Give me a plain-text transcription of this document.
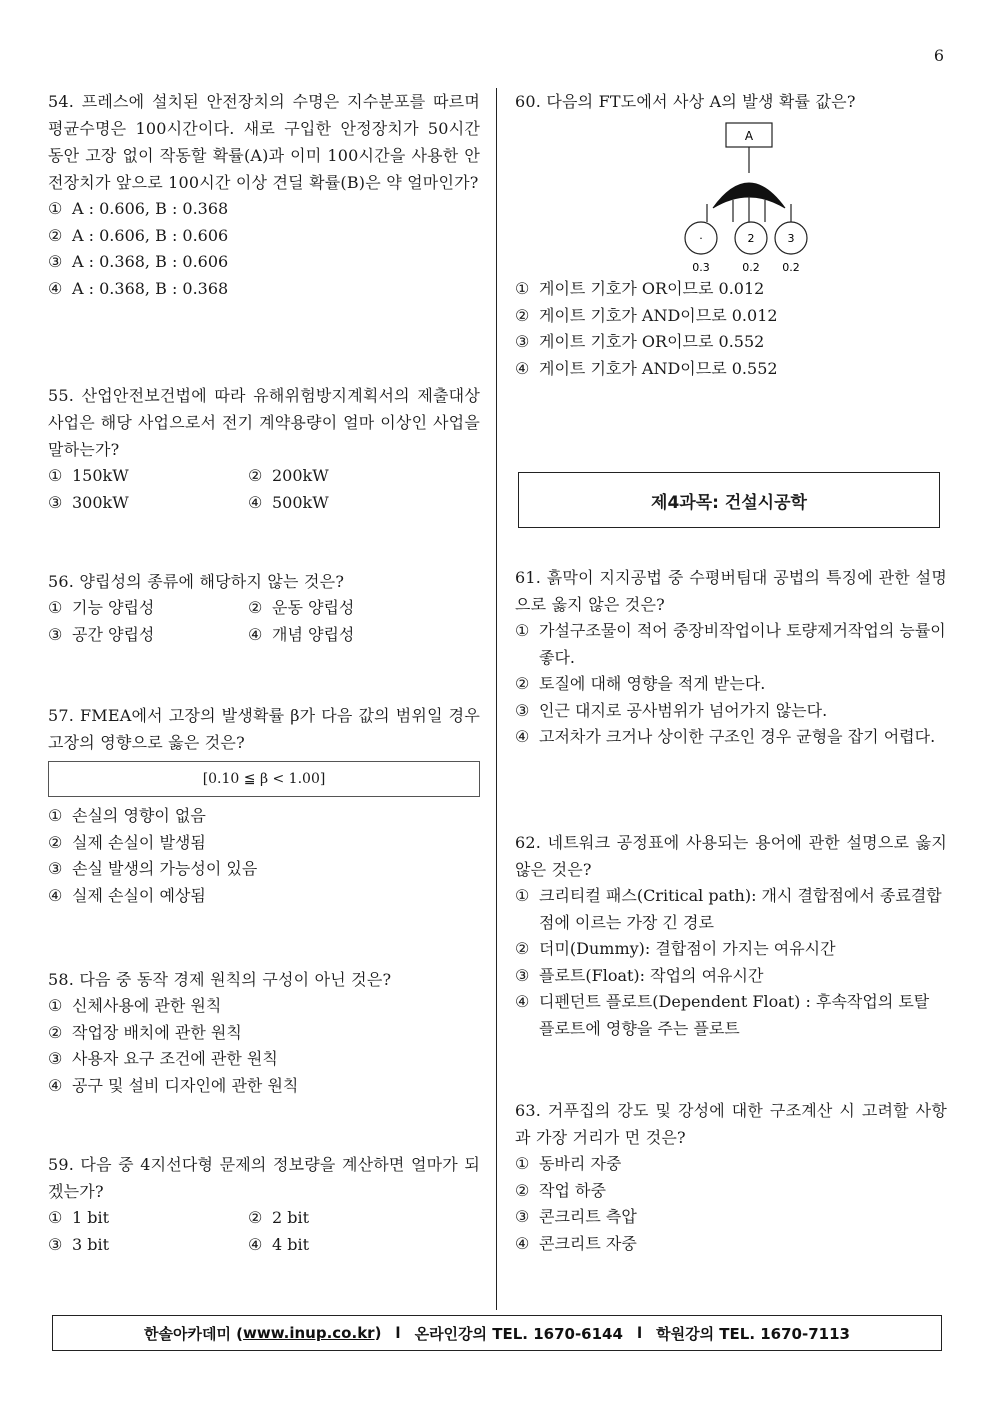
6
54. 프레스에 설치된 안전장치의 수명은 지수분포를 따르며 평균수명은 100시간이다. 새로 구입한 안정장치가 50시간 동안 고장 없이 작동할 확률(A)과 이미 100시간을 사용한 안전장치가 앞으로 100시간 이상 견딜 확률(B)은 약 얼마인가?
① A : 0.606, B : 0.368
② A : 0.606, B : 0.606
③ A : 0.368, B : 0.606
④ A : 0.368, B : 0.368
55. 산업안전보건법에 따라 유해위험방지계획서의 제출대상사업은 해당 사업으로서 전기 계약용량이 얼마 이상인 사업을 말하는가?
① 150kW	② 200kW
③ 300kW	④ 500kW
56. 양립성의 종류에 해당하지 않는 것은?
① 기능 양립성	② 운동 양립성
③ 공간 양립성	④ 개념 양립성
57. FMEA에서 고장의 발생확률 β가 다음 값의 범위일 경우 고장의 영향으로 옳은 것은?
[0.10 ≦ β < 1.00]
① 손실의 영향이 없음
② 실제 손실이 발생됨
③ 손실 발생의 가능성이 있음
④ 실제 손실이 예상됨
58. 다음 중 동작 경제 원칙의 구성이 아닌 것은?
① 신체사용에 관한 원칙
② 작업장 배치에 관한 원칙
③ 사용자 요구 조건에 관한 원칙
④ 공구 및 설비 디자인에 관한 원칙
59. 다음 중 4지선다형 문제의 정보량을 계산하면 얼마가 되겠는가?
① 1 bit	② 2 bit
③ 3 bit	④ 4 bit
60. 다음의 FT도에서 사상 A의 발생 확률 값은?
A
·	2	3
0.3	0.2 0.2
① 게이트 기호가 OR이므로 0.012
② 게이트 기호가 AND이므로 0.012
③ 게이트 기호가 OR이므로 0.552
④ 게이트 기호가 AND이므로 0.552
제4과목: 건설시공학
61. 흙막이 지지공법 중 수평버팀대 공법의 특징에 관한 설명으로 옳지 않은 것은?
① 가설구조물이 적어 중장비작업이나 토량제거작업의 능률이 좋다.
② 토질에 대해 영향을 적게 받는다.
③ 인근 대지로 공사범위가 넘어가지 않는다.
④ 고저차가 크거나 상이한 구조인 경우 균형을 잡기 어렵다.
62. 네트워크 공정표에 사용되는 용어에 관한 설명으로 옳지 않은 것은?
① 크리티컬 패스(Critical path): 개시 결합점에서 종료결합점에 이르는 가장 긴 경로
② 더미(Dummy): 결합점이 가지는 여유시간
③ 플로트(Float): 작업의 여유시간
④ 디펜던트 플로트(Dependent Float) : 후속작업의 토탈 플로트에 영향을 주는 플로트
63. 거푸집의 강도 및 강성에 대한 구조계산 시 고려할 사항과 가장 거리가 먼 것은?
① 동바리 자중
② 작업 하중
③ 콘크리트 측압
④ 콘크리트 자중
한솔아카데미 ( www.inup.co.kr ) l 온라인강의 TEL. 1670-6144 l 학원강의 TEL. 1670-7113
